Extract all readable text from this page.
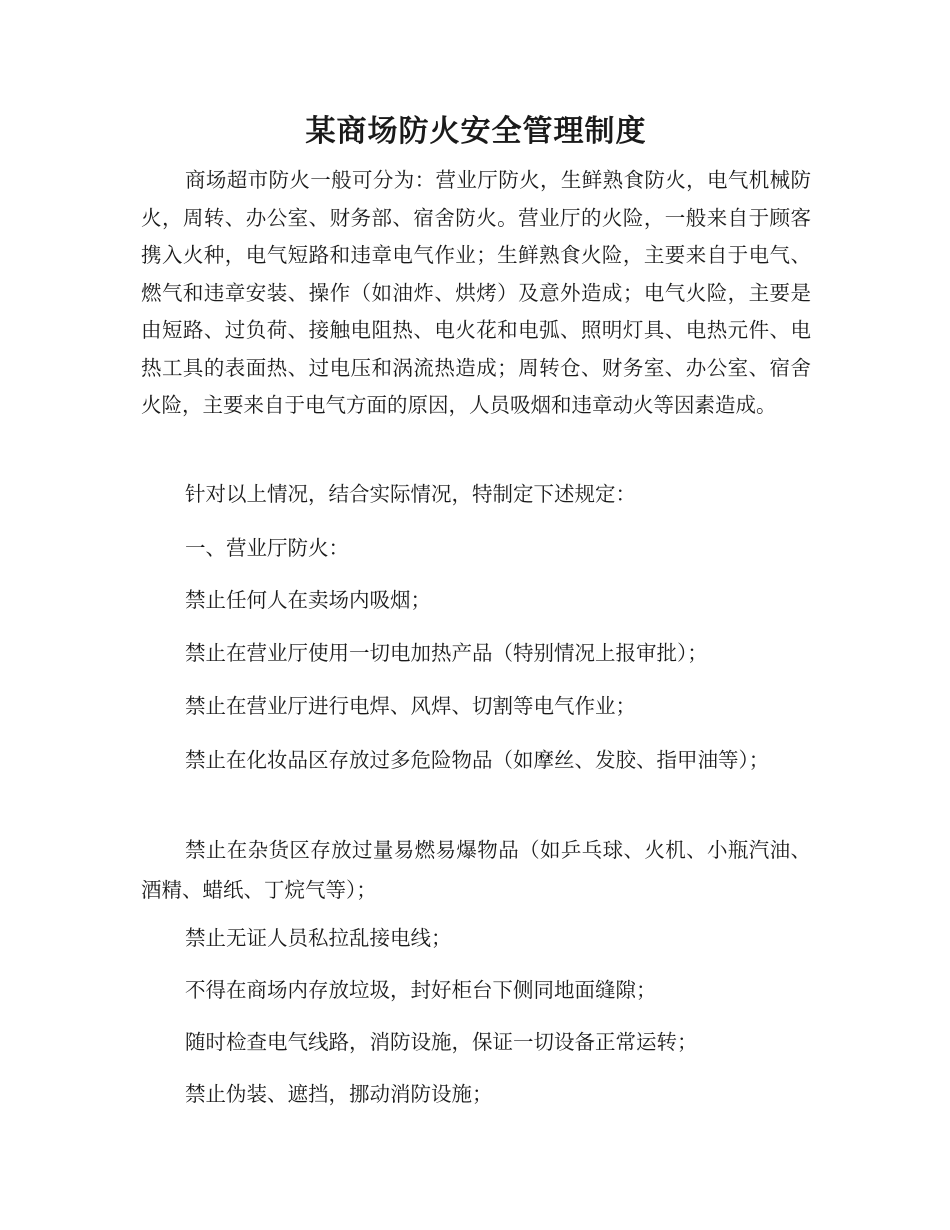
某商场防火安全管理制度
商场超市防火一般可分为：营业厅防火，生鲜熟食防火，电气机械防火，周转、办公室、财务部、宿舍防火。营业厅的火险，一般来自于顾客携入火种，电气短路和违章电气作业；生鲜熟食火险，主要来自于电气、燃气和违章安装、操作（如油炸、烘烤）及意外造成；电气火险，主要是由短路、过负荷、接触电阻热、电火花和电弧、照明灯具、电热元件、电热工具的表面热、过电压和涡流热造成；周转仓、财务室、办公室、宿舍火险，主要来自于电气方面的原因，人员吸烟和违章动火等因素造成。
针对以上情况，结合实际情况，特制定下述规定：
一、营业厅防火：
禁止任何人在卖场内吸烟；
禁止在营业厅使用一切电加热产品（特别情况上报审批）；
禁止在营业厅进行电焊、风焊、切割等电气作业；
禁止在化妆品区存放过多危险物品（如摩丝、发胶、指甲油等）；
禁止在杂货区存放过量易燃易爆物品（如乒乓球、火机、小瓶汽油、酒精、蜡纸、丁烷气等）；
禁止无证人员私拉乱接电线；
不得在商场内存放垃圾，封好柜台下侧同地面缝隙；
随时检查电气线路，消防设施，保证一切设备正常运转；
禁止伪装、遮挡，挪动消防设施；
